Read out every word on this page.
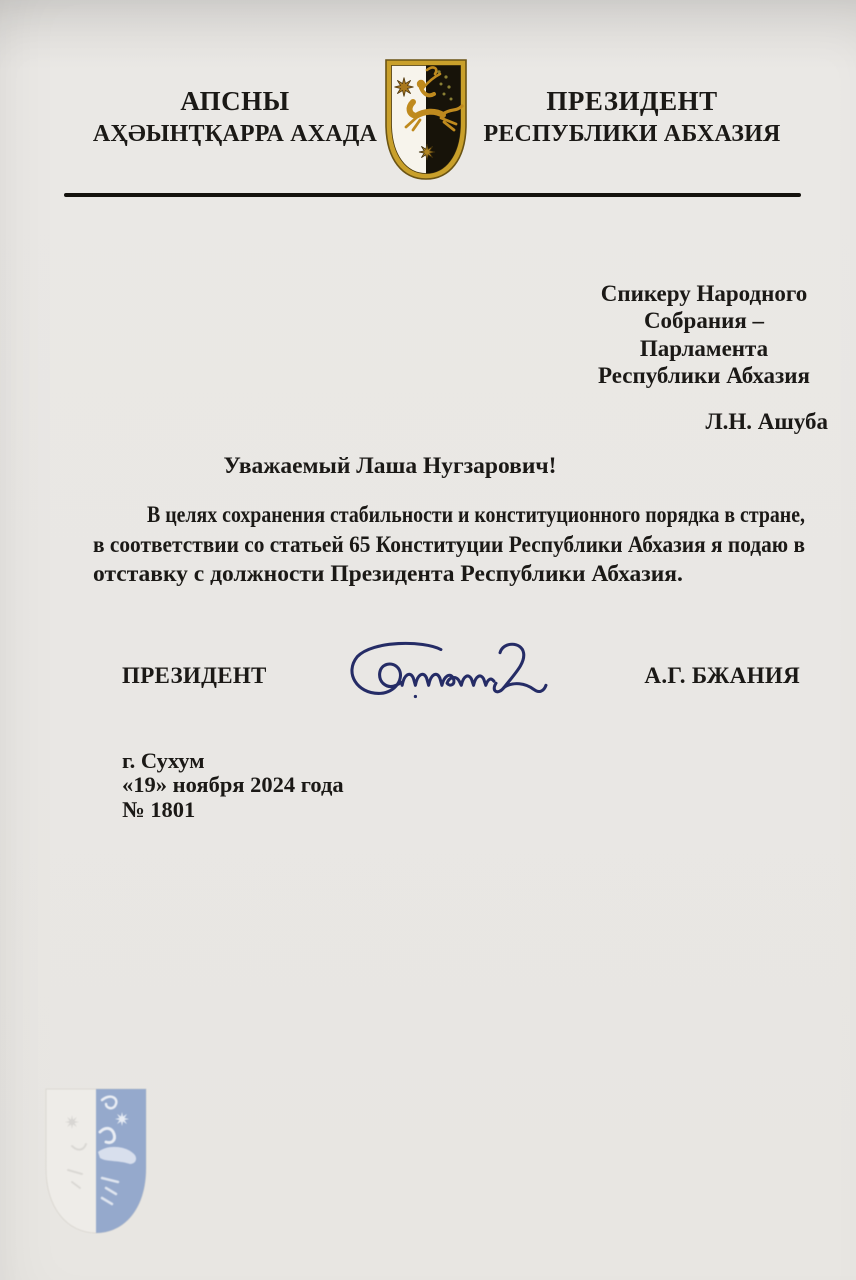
АПСНЫ
АҲӘЫНҬҚАРРА АХАДА
ПРЕЗИДЕНТ
РЕСПУБЛИКИ АБХАЗИЯ
Спикеру Народного
Собрания – Парламента
Республики Абхазия
Л.Н. Ашуба
Уважаемый Лаша Нугзарович!
В целях сохранения стабильности и конституционного порядка в стране,
в соответствии со статьей 65 Конституции Республики Абхазия я подаю в
отставку с должности Президента Республики Абхазия.
ПРЕЗИДЕНТ	А.Г. БЖАНИЯ
г. Сухум
«19» ноября 2024 года
№ 1801
